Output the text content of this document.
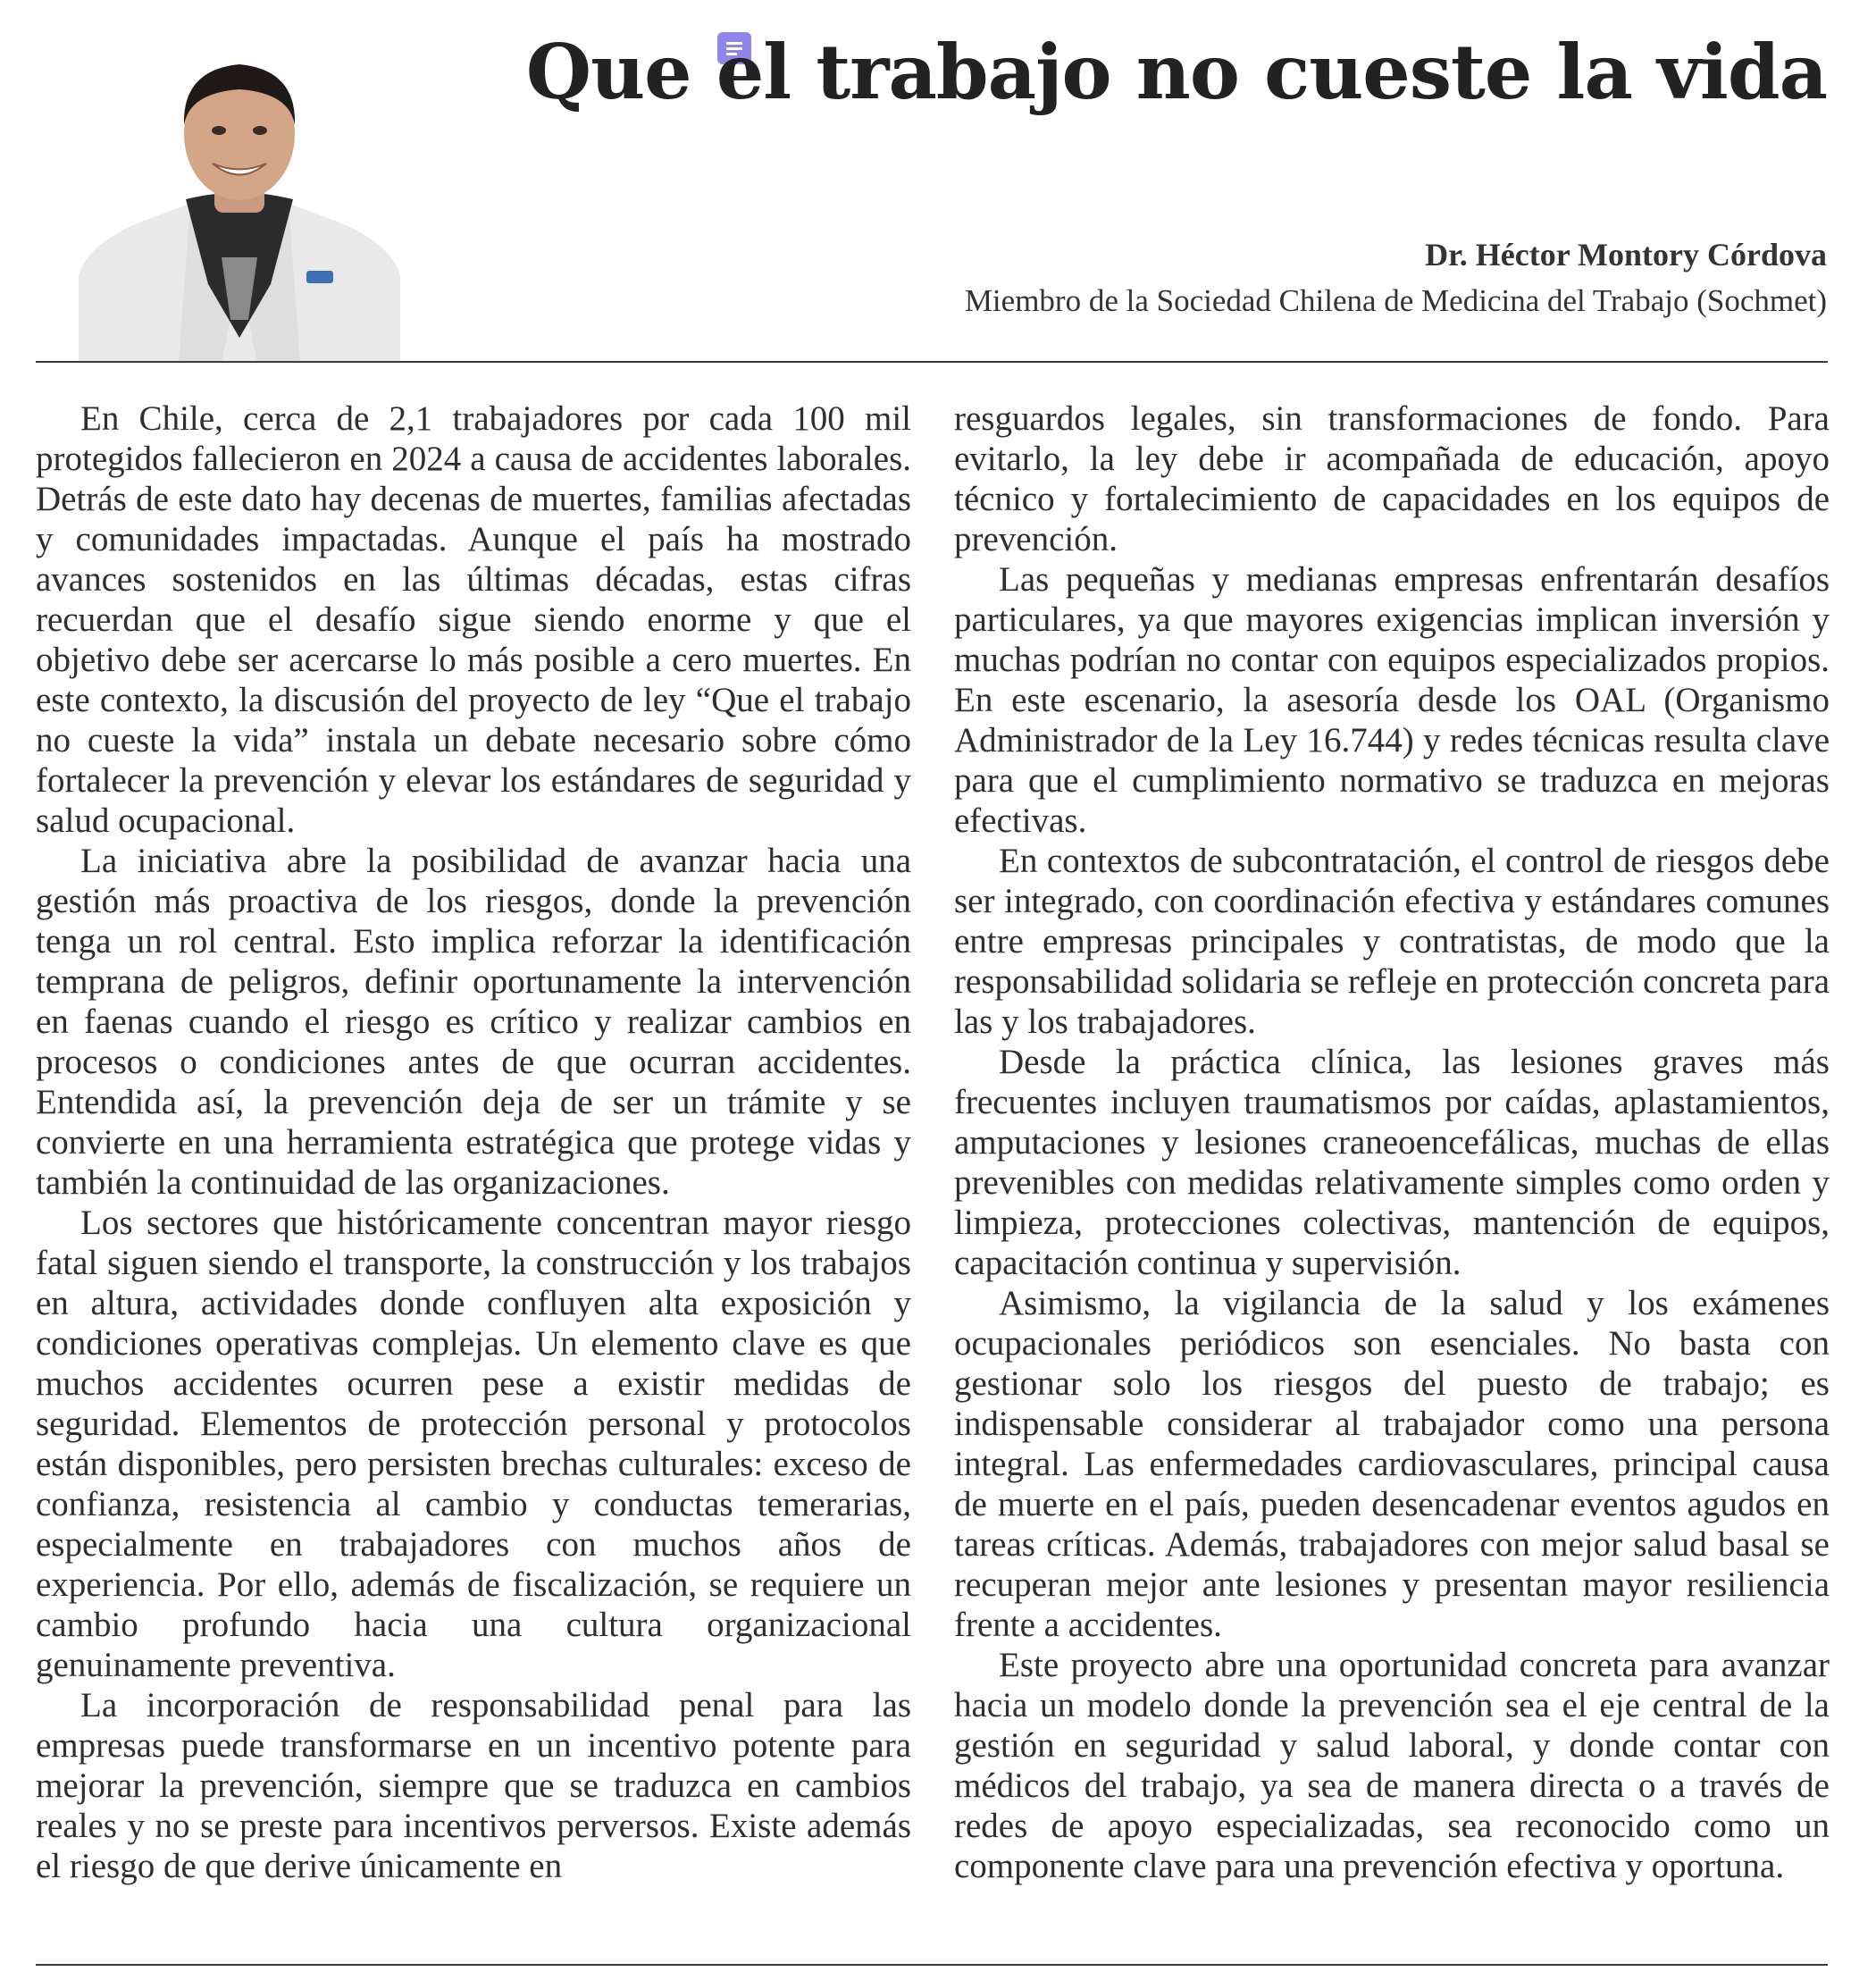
Que el trabajo no cueste la vida
Dr. Héctor Montory Córdova
Miembro de la Sociedad Chilena de Medicina del Trabajo (Sochmet)

En Chile, cerca de 2,1 trabajadores por cada 100 mil protegidos fallecieron en 2024 a causa de accidentes laborales. Detrás de este dato hay decenas de muertes, familias afectadas y comunidades impactadas. Aunque el país ha mostrado avances sostenidos en las últimas décadas, estas cifras recuerdan que el desafío sigue siendo enorme y que el objetivo debe ser acercarse lo más posible a cero muertes. En este contexto, la discusión del proyecto de ley “Que el trabajo no cueste la vida” instala un debate necesario sobre cómo fortalecer la prevención y elevar los estándares de seguridad y salud ocupacional.

La iniciativa abre la posibilidad de avanzar hacia una gestión más proactiva de los riesgos, donde la prevención tenga un rol central. Esto implica reforzar la identificación temprana de peligros, definir oportunamente la intervención en faenas cuando el riesgo es crítico y realizar cambios en procesos o condiciones antes de que ocurran accidentes. Entendida así, la prevención deja de ser un trámite y se convierte en una herramienta estratégica que protege vidas y también la continuidad de las organizaciones.

Los sectores que históricamente concentran mayor riesgo fatal siguen siendo el transporte, la construcción y los trabajos en altura, actividades donde confluyen alta exposición y condiciones operativas complejas. Un elemento clave es que muchos accidentes ocurren pese a existir medidas de seguridad. Elementos de protección personal y protocolos están disponibles, pero persisten brechas culturales: exceso de confianza, resistencia al cambio y conductas temerarias, especialmente en trabajadores con muchos años de experiencia. Por ello, además de fiscalización, se requiere un cambio profundo hacia una cultura organizacional genuinamente preventiva.

La incorporación de responsabilidad penal para las empresas puede transformarse en un incentivo potente para mejorar la prevención, siempre que se traduzca en cambios reales y no se preste para incentivos perversos. Existe además el riesgo de que derive únicamente en

resguardos legales, sin transformaciones de fondo. Para evitarlo, la ley debe ir acompañada de educación, apoyo técnico y fortalecimiento de capacidades en los equipos de prevención.

Las pequeñas y medianas empresas enfrentarán desafíos particulares, ya que mayores exigencias implican inversión y muchas podrían no contar con equipos especializados propios. En este escenario, la asesoría desde los OAL (Organismo Administrador de la Ley 16.744) y redes técnicas resulta clave para que el cumplimiento normativo se traduzca en mejoras efectivas.

En contextos de subcontratación, el control de riesgos debe ser integrado, con coordinación efectiva y estándares comunes entre empresas principales y contratistas, de modo que la responsabilidad solidaria se refleje en protección concreta para las y los trabajadores.

Desde la práctica clínica, las lesiones graves más frecuentes incluyen traumatismos por caídas, aplastamientos, amputaciones y lesiones craneoencefálicas, muchas de ellas prevenibles con medidas relativamente simples como orden y limpieza, protecciones colectivas, mantención de equipos, capacitación continua y supervisión.

Asimismo, la vigilancia de la salud y los exámenes ocupacionales periódicos son esenciales. No basta con gestionar solo los riesgos del puesto de trabajo; es indispensable considerar al trabajador como una persona integral. Las enfermedades cardiovasculares, principal causa de muerte en el país, pueden desencadenar eventos agudos en tareas críticas. Además, trabajadores con mejor salud basal se recuperan mejor ante lesiones y presentan mayor resiliencia frente a accidentes.

Este proyecto abre una oportunidad concreta para avanzar hacia un modelo donde la prevención sea el eje central de la gestión en seguridad y salud laboral, y donde contar con médicos del trabajo, ya sea de manera directa o a través de redes de apoyo especializadas, sea reconocido como un componente clave para una prevención efectiva y oportuna.
